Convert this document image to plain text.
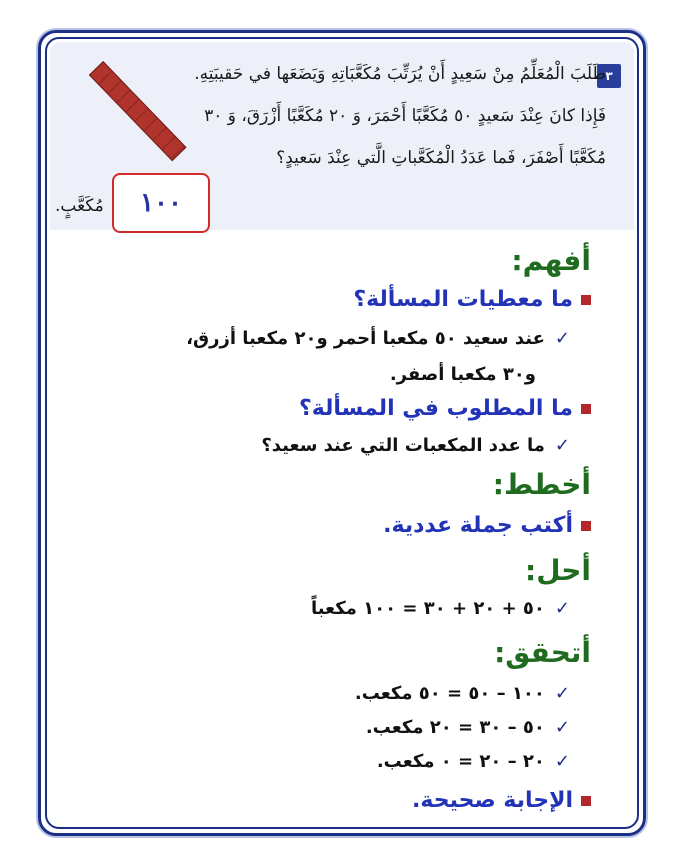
٣
طَلَبَ الْمُعَلِّمُ مِنْ سَعِيدٍ أَنْ يُرَتِّبَ مُكَعَّبَاتِهِ وَيَضَعَها في حَقيبَتِهِ.
فَإِذا كانَ عِنْدَ سَعيدٍ ٥٠ مُكَعَّبًا أَحْمَرَ، وَ ٢٠ مُكَعَّبًا أَزْرَقَ، وَ ٣٠
مُكَعَّبًا أَصْفَرَ، فَما عَدَدُ الْمُكَعَّباتِ الَّتي عِنْدَ سَعيدٍ؟
١٠٠
مُكَعَّبٍ.
أفهم:
ما معطيات المسألة؟
✓عند سعيد ٥٠ مكعبا أحمر و٢٠ مكعبا أزرق،
و٣٠ مكعبا أصفر.
ما المطلوب في المسألة؟
✓ما عدد المكعبات التي عند سعيد؟
أخطط:
أكتب جملة عددية.
أحل:
✓٥٠ + ٢٠ + ٣٠ = ١٠٠ مكعباً
أتحقق:
✓١٠٠ – ٥٠ = ٥٠ مكعب.
✓٥٠ – ٣٠ = ٢٠ مكعب.
✓٢٠ – ٢٠ = ٠ مكعب.
الإجابة صحيحة.
